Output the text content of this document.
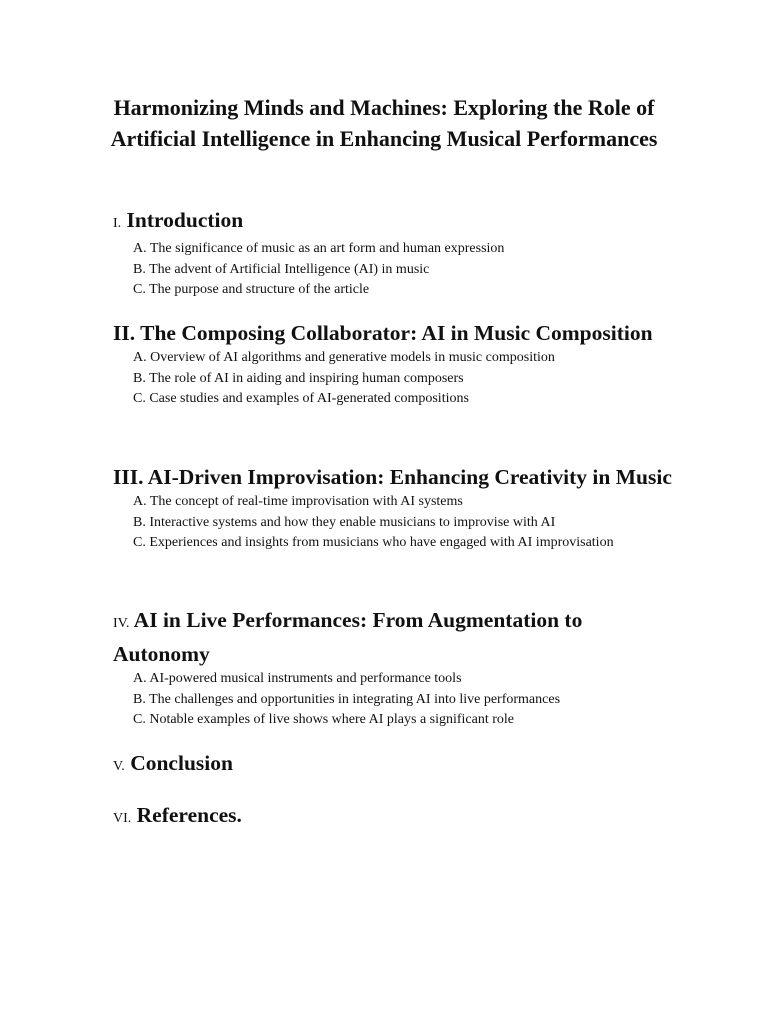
Harmonizing Minds and Machines: Exploring the Role of Artificial Intelligence in Enhancing Musical Performances
I. Introduction
A. The significance of music as an art form and human expression
B. The advent of Artificial Intelligence (AI) in music
C. The purpose and structure of the article
II. The Composing Collaborator: AI in Music Composition
A. Overview of AI algorithms and generative models in music composition
B. The role of AI in aiding and inspiring human composers
C. Case studies and examples of AI-generated compositions
III. AI-Driven Improvisation: Enhancing Creativity in Music
A. The concept of real-time improvisation with AI systems
B. Interactive systems and how they enable musicians to improvise with AI
C. Experiences and insights from musicians who have engaged with AI improvisation
IV. AI in Live Performances: From Augmentation to Autonomy
A. AI-powered musical instruments and performance tools
B. The challenges and opportunities in integrating AI into live performances
C. Notable examples of live shows where AI plays a significant role
V. Conclusion
VI. References.
